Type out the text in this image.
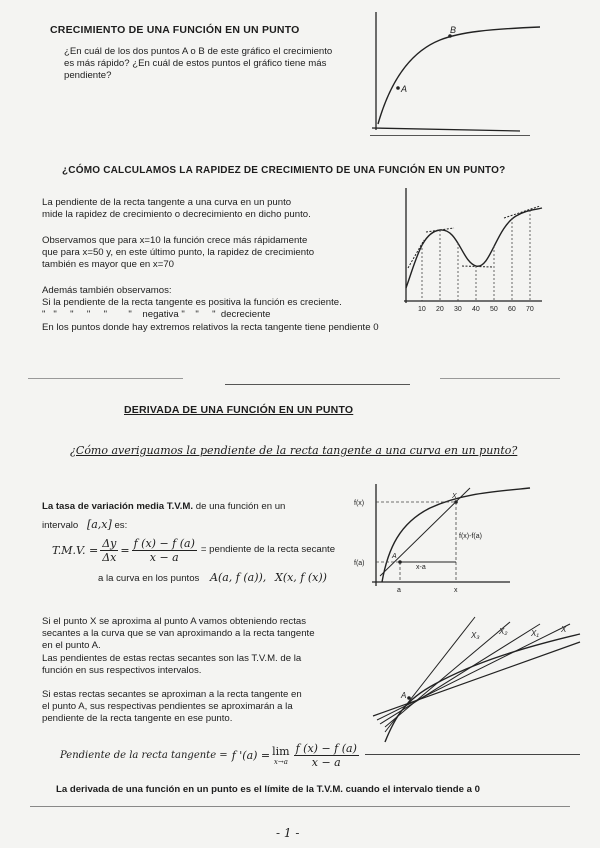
CRECIMIENTO DE UNA FUNCIÓN EN UN PUNTO
¿En cuál de los dos puntos A o B de este gráfico el crecimiento
es más rápido? ¿En cuál de estos puntos el gráfico tiene más
pendiente?
A
B
¿CÓMO CALCULAMOS LA RAPIDEZ DE CRECIMIENTO DE UNA FUNCIÓN EN UN PUNTO?
La pendiente de la recta tangente a una curva en un punto
mide la rapidez de crecimiento o decrecimiento en dicho punto.
Observamos que para x=10 la función crece más rápidamente
que para x=50 y, en este último punto, la rapidez de crecimiento
también es mayor que en x=70
Además también observamos:
Si la pendiente de la recta tangente es positiva la función es creciente.
"   "     "     "     "        "    negativa "    "     "  decreciente
En los puntos donde hay extremos relativos la recta tangente tiene pendiente 0
10 20 30 40 50 60 70
DERIVADA DE UNA FUNCIÓN EN UN PUNTO
¿Cómo averiguamos la pendiente de la recta tangente a una curva en un punto?
La tasa de variación media T.V.M. de una función en un
intervalo [a,x] es:
T.M.V. = $\frac{\Delta y}{\Delta x} = \frac{f (x) - f (a)}{x - a}$ = pendiente de la recta secante
a la curva en los puntos A(a, f (a)), X(x, f (x))
f(x)
f(a)
a	x
x-a
f(x)-f(a)
A
X
Si el punto X se aproxima al punto A vamos obteniendo rectas
secantes a la curva que se van aproximando a la recta tangente
en el punto A.
Las pendientes de estas rectas secantes son las T.V.M. de la
función en sus respectivos intervalos.
Si estas rectas secantes se aproximan a la recta tangente en
el punto A, sus respectivas pendientes se aproximarán a la
pendiente de la recta tangente en ese punto.
X
X₁
X₂
X₃
A
Pendiente de la recta tangente = f '(a) = lim
$x\to a \frac{f (x) - f (a)}{x - a}$
La derivada de una función en un punto es el límite de la T.V.M. cuando el intervalo tiende a 0
- 1 -
